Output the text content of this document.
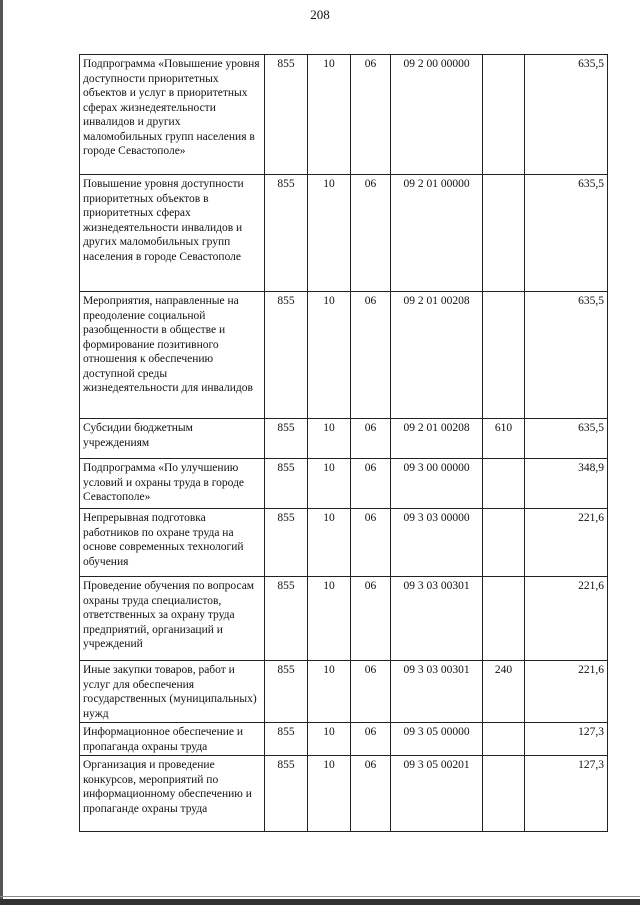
208
Подпрограмма «Повышение уровня доступности приоритетных объектов и услуг в приоритетных сферах жизнедеятельности инвалидов и других маломобильных групп населения в городе Севастополе»	855	10	06	09 2 00 00000		635,5
Повышение уровня доступности приоритетных объектов в приоритетных сферах жизнедеятельности инвалидов и других маломобильных групп населения в городе Севастополе	855	10	06	09 2 01 00000		635,5
Мероприятия, направленные на преодоление социальной разобщенности в обществе и формирование позитивного отношения к обеспечению доступной среды жизнедеятельности для инвалидов	855	10	06	09 2 01 00208		635,5
Субсидии бюджетным учреждениям	855	10	06	09 2 01 00208	610	635,5
Подпрограмма «По улучшению условий и охраны труда в городе Севастополе»	855	10	06	09 3 00 00000		348,9
Непрерывная подготовка работников по охране труда на основе современных технологий обучения	855	10	06	09 3 03 00000		221,6
Проведение обучения по вопросам охраны труда специалистов, ответственных за охрану труда предприятий, организаций и учреждений	855	10	06	09 3 03 00301		221,6
Иные закупки товаров, работ и услуг для обеспечения государственных (муниципальных) нужд	855	10	06	09 3 03 00301	240	221,6
Информационное обеспечение и пропаганда охраны труда	855	10	06	09 3 05 00000		127,3
Организация и проведение конкурсов, мероприятий по информационному обеспечению и пропаганде охраны труда	855	10	06	09 3 05 00201		127,3
